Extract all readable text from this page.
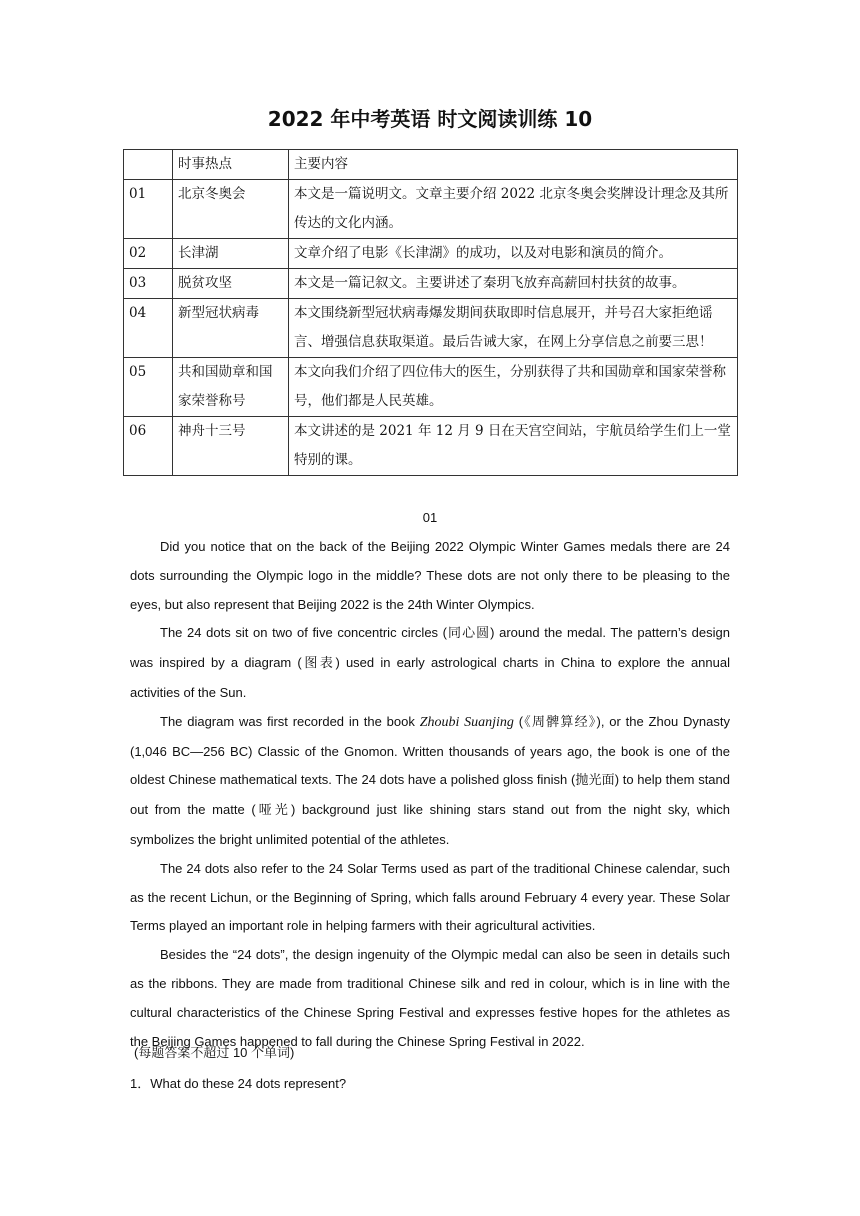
2022 年中考英语 时文阅读训练 10
	时事热点	主要内容
01	北京冬奥会	本文是一篇说明文。文章主要介绍 2022 北京冬奥会奖牌设计理念及其所传达的文化内涵。
02	长津湖	文章介绍了电影《长津湖》的成功，以及对电影和演员的简介。
03	脱贫攻坚	本文是一篇记叙文。主要讲述了秦玥飞放弃高薪回村扶贫的故事。
04	新型冠状病毒	本文围绕新型冠状病毒爆发期间获取即时信息展开，并号召大家拒绝谣言、增强信息获取渠道。最后告诫大家，在网上分享信息之前要三思！
05	共和国勋章和国家荣誉称号	本文向我们介绍了四位伟大的医生，分别获得了共和国勋章和国家荣誉称号，他们都是人民英雄。
06	神舟十三号	本文讲述的是 2021 年 12 月 9 日在天宫空间站，宇航员给学生们上一堂特别的课。
01

Did you notice that on the back of the Beijing 2022 Olympic Winter Games medals there are 24 dots surrounding the Olympic logo in the middle? These dots are not only there to be pleasing to the eyes, but also represent that Beijing 2022 is the 24th Winter Olympics.

The 24 dots sit on two of five concentric circles (同心圆) around the medal. The pattern’s design was inspired by a diagram (图表) used in early astrological charts in China to explore the annual activities of the Sun.

The diagram was first recorded in the book Zhoubi Suanjing (《周髀算经》), or the Zhou Dynasty (1,046 BC—256 BC) Classic of the Gnomon. Written thousands of years ago, the book is one of the oldest Chinese mathematical texts. The 24 dots have a polished gloss finish (抛光面) to help them stand out from the matte (哑光) background just like shining stars stand out from the night sky, which symbolizes the bright unlimited potential of the athletes.

The 24 dots also refer to the 24 Solar Terms used as part of the traditional Chinese calendar, such as the recent Lichun, or the Beginning of Spring, which falls around February 4 every year. These Solar Terms played an important role in helping farmers with their agricultural activities.

Besides the “24 dots”, the design ingenuity of the Olympic medal can also be seen in details such as the ribbons. They are made from traditional Chinese silk and red in colour, which is in line with the cultural characteristics of the Chinese Spring Festival and expresses festive hopes for the athletes as the Beijing Games happened to fall during the Chinese Spring Festival in 2022.

(每题答案不超过 10 个单词)
1．What do these 24 dots represent?
